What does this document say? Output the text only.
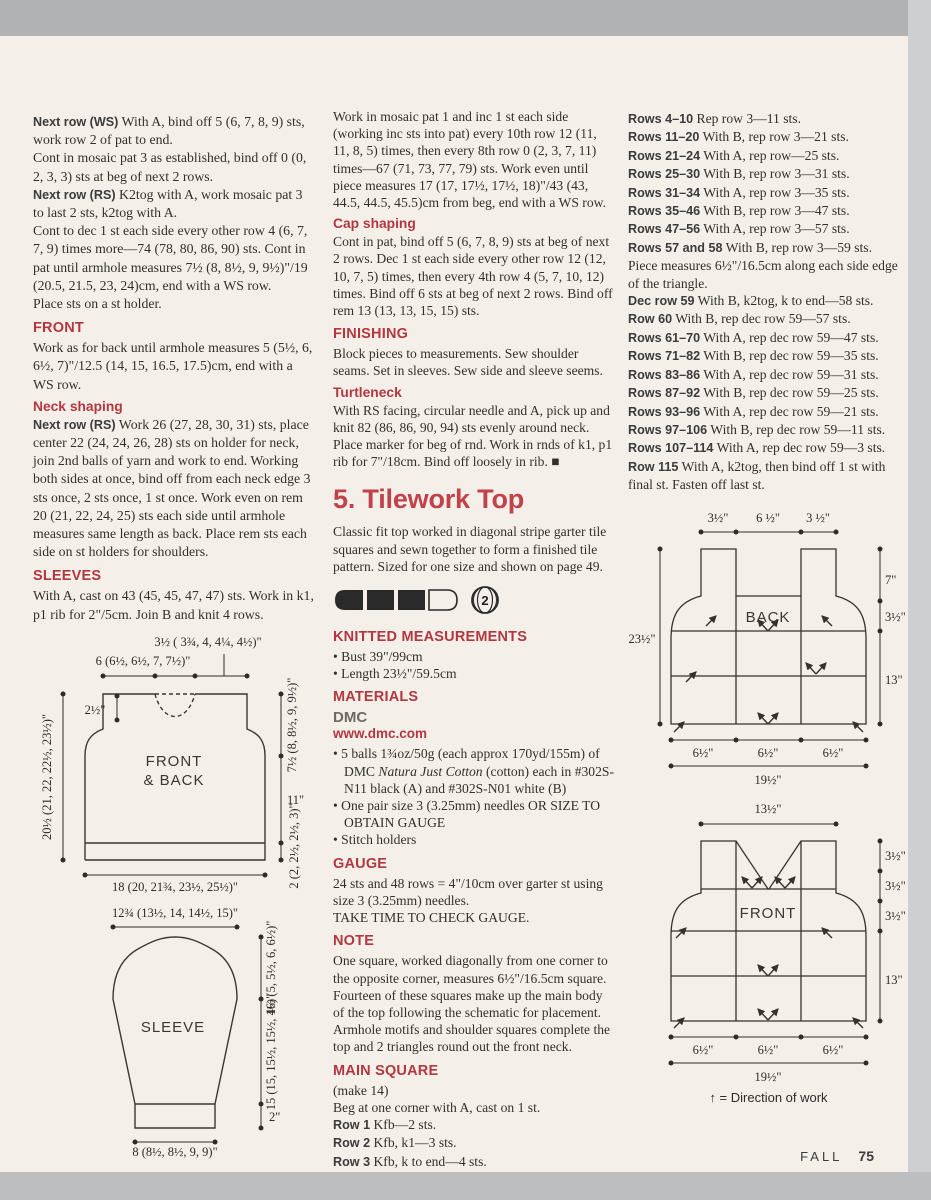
Next row (WS) With A, bind off 5 (6, 7, 8, 9) sts, work row 2 of pat to end.

Cont in mosaic pat 3 as established, bind off 0 (0, 2, 3, 3) sts at beg of next 2 rows.

Next row (RS) K2tog with A, work mosaic pat 3 to last 2 sts, k2tog with A.

Cont to dec 1 st each side every other row 4 (6, 7, 7, 9) times more—74 (78, 80, 86, 90) sts. Cont in pat until armhole measures 7½ (8, 8½, 9, 9½)"/19 (20.5, 21.5, 23, 24)cm, end with a WS row.

Place sts on a st holder.

FRONT

Work as for back until armhole measures 5 (5½, 6, 6½, 7)"/12.5 (14, 15, 16.5, 17.5)cm, end with a WS row.

Neck shaping

Next row (RS) Work 26 (27, 28, 30, 31) sts, place center 22 (24, 24, 26, 28) sts on holder for neck, join 2nd balls of yarn and work to end. Working both sides at once, bind off from each neck edge 3 sts once, 2 sts once, 1 st once. Work even on rem 20 (21, 22, 24, 25) sts each side until armhole measures same length as back. Place rem sts each side on st holders for shoulders.

SLEEVES

With A, cast on 43 (45, 45, 47, 47) sts. Work in k1, p1 rib for 2"/5cm. Join B and knit 4 rows.

3½ ( 3¾, 4, 4¼, 4½)"
6 (6½, 6½, 7, 7½)"
2½"
20½ (21, 22, 22½, 23½)"	7½ (8, 8½, 9, 9½)"
11"
2 (2, 2½, 2½, 3)"
18 (20, 21¾, 23½, 25½)"
FRONT
& BACK
12¾ (13½, 14, 14½, 15)"
4½ (5, 5½, 6, 6½)"
15 (15, 15½, 15½, 16)"
2"
8 (8½, 8½, 9, 9)"
SLEEVE

Work in mosaic pat 1 and inc 1 st each side (working inc sts into pat) every 10th row 12 (11, 11, 8, 5) times, then every 8th row 0 (2, 3, 7, 11) times—67 (71, 73, 77, 79) sts. Work even until piece measures 17 (17, 17½, 17½, 18)"/43 (43, 44.5, 44.5, 45.5)cm from beg, end with a WS row.

Cap shaping

Cont in pat, bind off 5 (6, 7, 8, 9) sts at beg of next 2 rows. Dec 1 st each side every other row 12 (12, 10, 7, 5) times, then every 4th row 4 (5, 7, 10, 12) times. Bind off 6 sts at beg of next 2 rows. Bind off rem 13 (13, 13, 15, 15) sts.

FINISHING

Block pieces to measurements. Sew shoulder seams. Set in sleeves. Sew side and sleeve seems.

Turtleneck

With RS facing, circular needle and A, pick up and knit 82 (86, 86, 90, 94) sts evenly around neck. Place marker for beg of rnd. Work in rnds of k1, p1 rib for 7"/18cm. Bind off loosely in rib. ■

5. Tilework Top

Classic fit top worked in diagonal stripe garter tile squares and sewn together to form a finished tile pattern. Sized for one size and shown on page 49.

2
KNITTED MEASUREMENTS

• Bust 39"/99cm

• Length 23½"/59.5cm

MATERIALS
DMC
www.dmc.com

• 5 balls 1¾oz/50g (each approx 170yd/155m) of DMC Natura Just Cotton (cotton) each in #302S-N11 black (A) and #302S-N01 white (B)

• One pair size 3 (3.25mm) needles OR SIZE TO OBTAIN GAUGE

• Stitch holders

GAUGE

24 sts and 48 rows = 4"/10cm over garter st using size 3 (3.25mm) needles.

TAKE TIME TO CHECK GAUGE.

NOTE

One square, worked diagonally from one corner to the opposite corner, measures 6½"/16.5cm square. Fourteen of these squares make up the main body of the top following the schematic for placement. Armhole motifs and shoulder squares complete the top and 2 triangles round out the front neck.

MAIN SQUARE

(make 14)

Beg at one corner with A, cast on 1 st.

Row 1 Kfb—2 sts.

Row 2 Kfb, k1—3 sts.

Row 3 Kfb, k to end—4 sts.

Rows 4–10 Rep row 3—11 sts.

Rows 11–20 With B, rep row 3—21 sts.

Rows 21–24 With A, rep row—25 sts.

Rows 25–30 With B, rep row 3—31 sts.

Rows 31–34 With A, rep row 3—35 sts.

Rows 35–46 With B, rep row 3—47 sts.

Rows 47–56 With A, rep row 3—57 sts.

Rows 57 and 58 With B, rep row 3—59 sts.

Piece measures 6½"/16.5cm along each side edge of the triangle.

Dec row 59 With B, k2tog, k to end—58 sts.

Row 60 With B, rep dec row 59—57 sts.

Rows 61–70 With A, rep dec row 59—47 sts.

Rows 71–82 With B, rep dec row 59—35 sts.

Rows 83–86 With A, rep dec row 59—31 sts.

Rows 87–92 With B, rep dec row 59—25 sts.

Rows 93–96 With A, rep dec row 59—21 sts.

Rows 97–106 With B, rep dec row 59—11 sts.

Rows 107–114 With A, rep dec row 59—3 sts.

Row 115 With A, k2tog, then bind off 1 st with final st. Fasten off last st.

3½" 6 ½" 3 ½"
23½"
7"
3½"
13"
6½"	6½"	6½"
19½"
BACK
13½"
3½"
3½"
3½"
13"
6½"	6½"	6½"
19½"
FRONT
↑ = Direction of work
FALL 75
